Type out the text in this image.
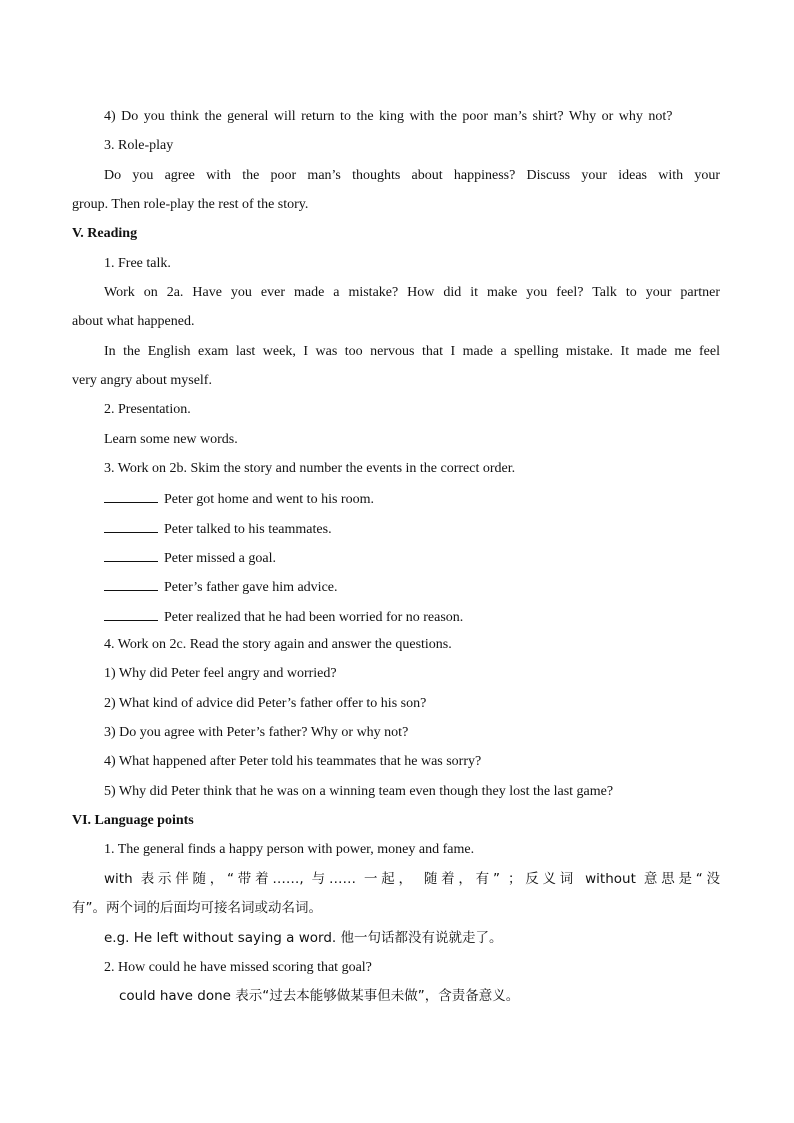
4) Do you think the general will return to the king with the poor man’s shirt? Why or why not?
3. Role-play
Do you agree with the poor man’s thoughts about happiness? Discuss your ideas with your
group. Then role-play the rest of the story.
V. Reading
1. Free talk.
Work on 2a. Have you ever made a mistake? How did it make you feel? Talk to your partner
about what happened.
In the English exam last week, I was too nervous that I made a spelling mistake. It made me feel
very angry about myself.
2. Presentation.
Learn some new words.
3. Work on 2b. Skim the story and number the events in the correct order.
Peter got home and went to his room.
Peter talked to his teammates.
Peter missed a goal.
Peter’s father gave him advice.
Peter realized that he had been worried for no reason.
4. Work on 2c. Read the story again and answer the questions.
1) Why did Peter feel angry and worried?
2) What kind of advice did Peter’s father offer to his son?
3) Do you agree with Peter’s father? Why or why not?
4) What happened after Peter told his teammates that he was sorry?
5) Why did Peter think that he was on a winning team even though they lost the last game?
VI. Language points
1. The general finds a happy person with power, money and fame.
with 表示伴随，“带着……, 与…… 一起， 随着，有” ；反义词 without 意思是“没
有”。两个词的后面均可接名词或动名词。
e.g. He left without saying a word. 他一句话都没有说就走了。
2. How could he have missed scoring that goal?
could have done 表示“过去本能够做某事但未做”，含责备意义。
